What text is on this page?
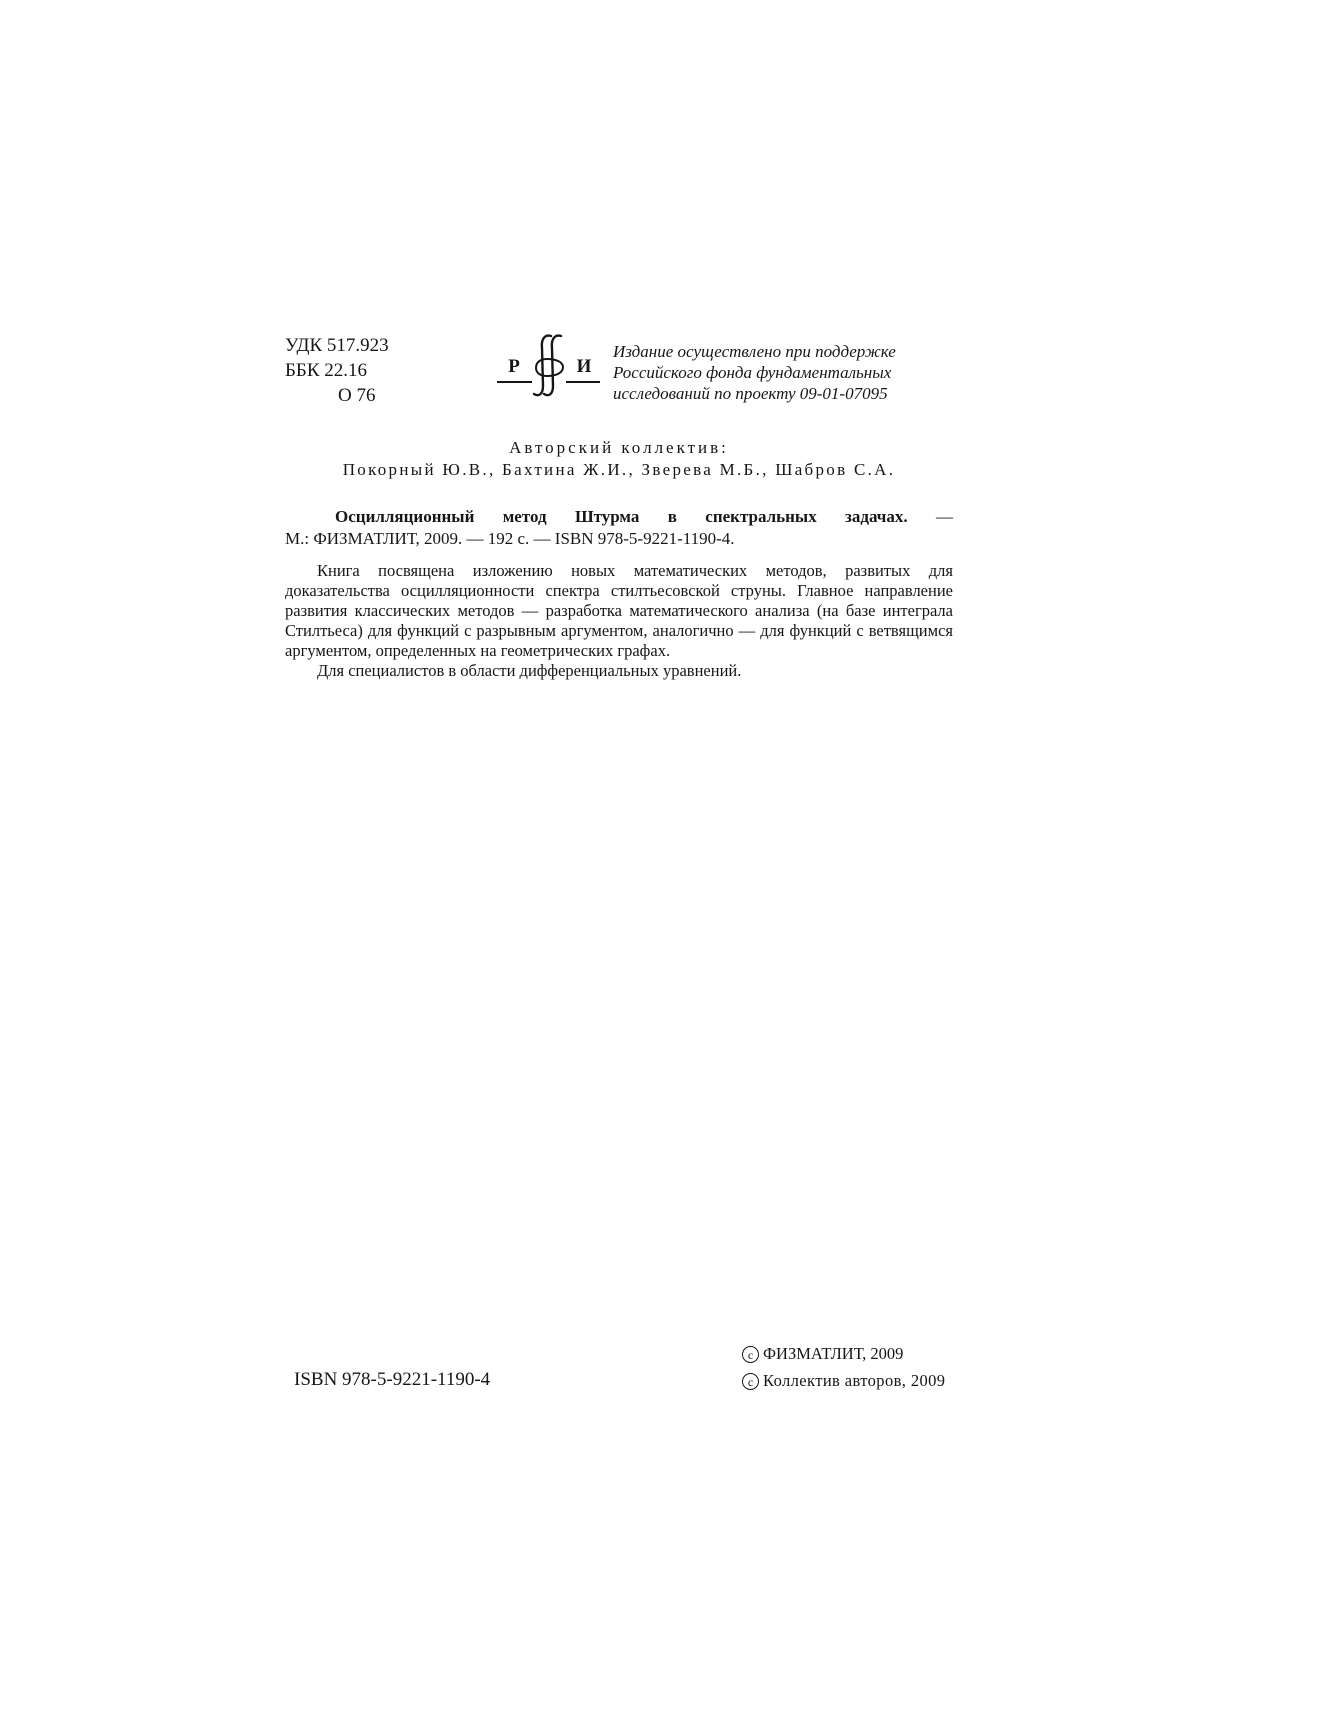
УДК 517.923
ББК 22.16
О 76
Р	И
Издание осуществлено при поддержке
Российского фонда фундаментальных
исследований по проекту 09-01-07095
Авторский коллектив:
Покорный Ю.В., Бахтина Ж.И., Зверева М.Б., Шабров С.А.
Осцилляционный метод Штурма в спектральных задачах. —
М.: ФИЗМАТЛИТ, 2009. — 192 с. — ISBN 978-5-9221-1190-4.

Книга посвящена изложению новых математических методов, развитых для доказательства осцилляционности спектра стилтьесовской струны. Главное направление развития классических методов — разработка математического анализа (на базе интеграла Стилтьеса) для функций с разрывным аргументом, аналогично — для функций с ветвящимся аргументом, определенных на геометрических графах.

Для специалистов в области дифференциальных уравнений.

ISBN 978-5-9221-1190-4
c ФИЗМАТЛИТ, 2009
c Коллектив авторов, 2009
